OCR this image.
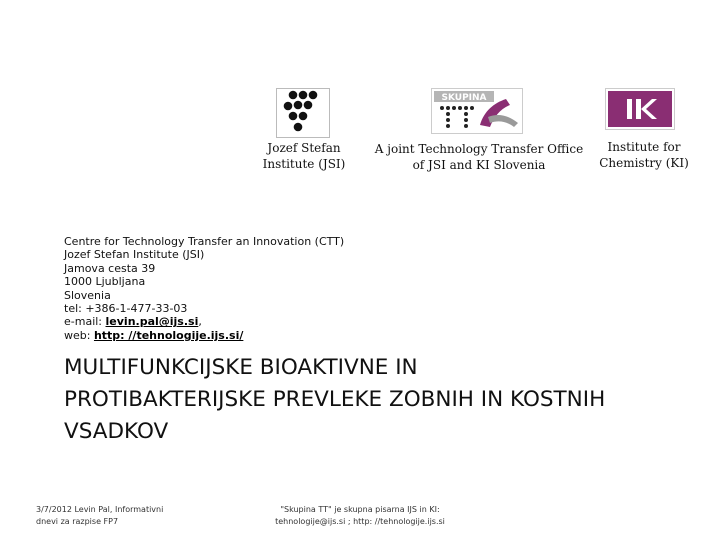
SKUPINA
Jozef Stefan
Institute (JSI)
A joint Technology Transfer Office
of JSI and KI Slovenia
Institute for
Chemistry (KI)
Centre for Technology Transfer an Innovation (CTT)
Jozef Stefan Institute (JSI)
Jamova cesta 39
1000 Ljubljana
Slovenia
tel: +386-1-477-33-03
e-mail: levin.pal@ijs.si,
web: http: //tehnologije.ijs.si/
MULTIFUNKCIJSKE BIOAKTIVNE IN
PROTIBAKTERIJSKE PREVLEKE ZOBNIH IN KOSTNIH
VSADKOV
3/7/2012 Levin Pal, Informativni
dnevi za razpise FP7
"Skupina TT" je skupna pisarna IJS in KI:
tehnologije@ijs.si ; http: //tehnologije.ijs.si
